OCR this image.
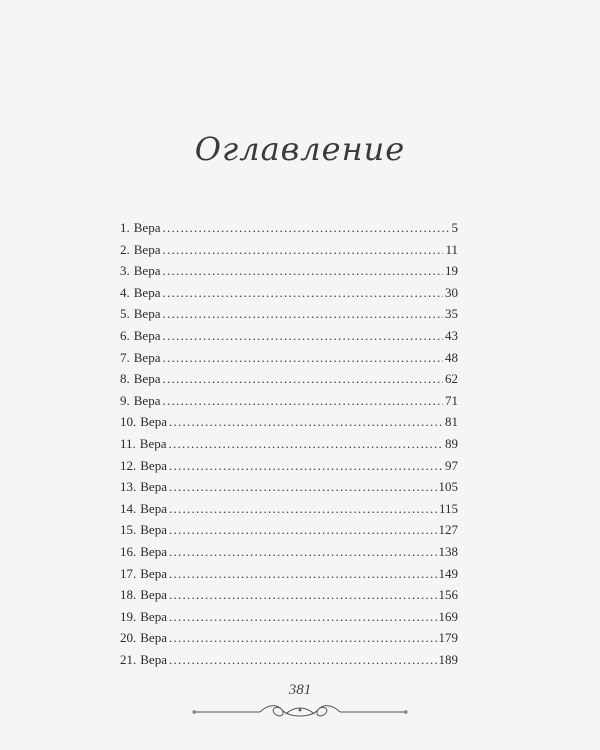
Оглавление
1. Вера . . .	5
2. Вера . . .	11
3. Вера . . .	19
4. Вера . . .	30
5. Вера . . .	35
6. Вера . . .	43
7. Вера . . .	48
8. Вера . . .	62
9. Вера . . .	71
10. Вера . . .	81
11. Вера . . .	89
12. Вера . . .	97
13. Вера . . .	105
14. Вера . . .	115
15. Вера . . .	127
16. Вера . . .	138
17. Вера . . .	149
18. Вера . . .	156
19. Вера . . .	169
20. Вера . . .	179
21. Вера . . .	189
381
